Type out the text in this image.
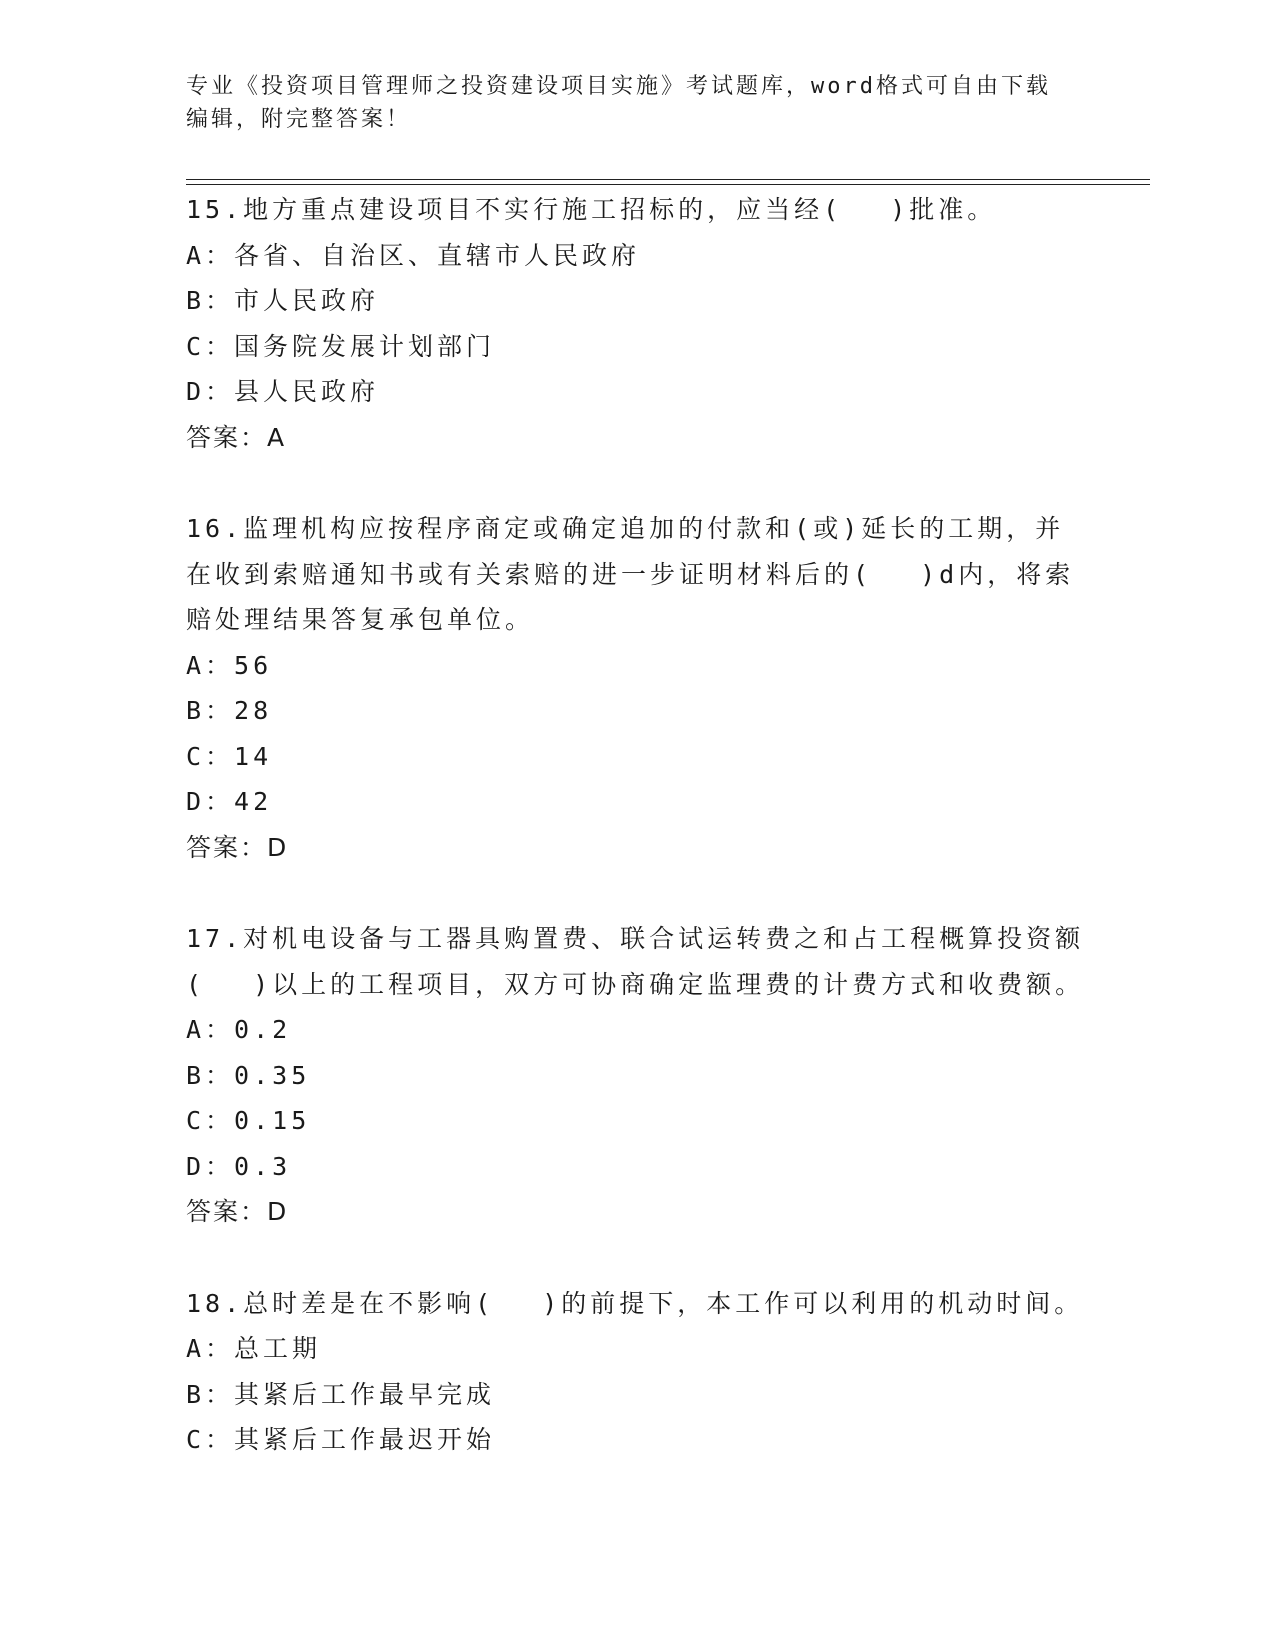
专业《投资项目管理师之投资建设项目实施》考试题库，word格式可自由下载编辑，附完整答案！

15.地方重点建设项目不实行施工招标的，应当经(　 )批准。

A：各省、自治区、直辖市人民政府

B：市人民政府

C：国务院发展计划部门

D：县人民政府

答案：A

16.监理机构应按程序商定或确定追加的付款和(或)延长的工期，并在收到索赔通知书或有关索赔的进一步证明材料后的(　 )d内，将索赔处理结果答复承包单位。

A：56

B：28

C：14

D：42

答案：D

17.对机电设备与工器具购置费、联合试运转费之和占工程概算投资额(　 )以上的工程项目，双方可协商确定监理费的计费方式和收费额。

A：0.2

B：0.35

C：0.15

D：0.3

答案：D

18.总时差是在不影响(　 )的前提下，本工作可以利用的机动时间。

A：总工期

B：其紧后工作最早完成

C：其紧后工作最迟开始
